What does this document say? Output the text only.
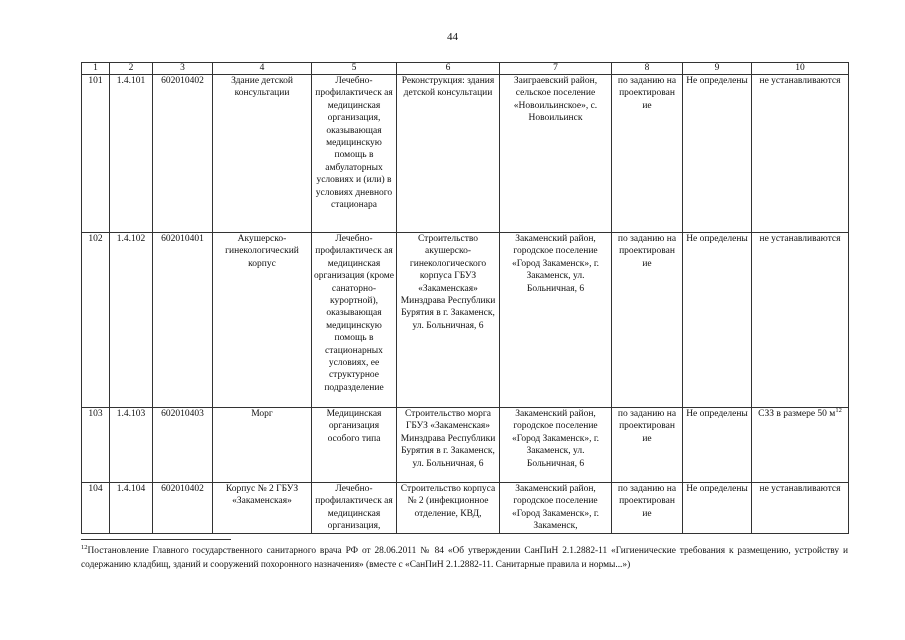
44
1	2	3	4	5	6	7	8	9	10
101	1.4.101	602010402	Здание детской консультации	Лечебно-профилактическ ая медицинская организация, оказывающая медицинскую помощь в амбулаторных условиях и (или) в условиях дневного стационара	Реконструкция: здания детской консультации	Заиграевский район, сельское поселение «Новоильинское», с. Новоильинск	по заданию на проектирован ие	Не определены	не устанавливаются
102	1.4.102	602010401	Акушерско-гинекологический корпус	Лечебно-профилактическ ая медицинская организация (кроме санаторно-курортной), оказывающая медицинскую помощь в стационарных условиях, ее структурное подразделение	Строительство акушерско-гинекологического корпуса ГБУЗ «Закаменская» Минздрава Республики Бурятия в г. Закаменск, ул. Больничная, 6	Закаменский район, городское поселение «Город Закаменск», г. Закаменск, ул. Больничная, 6	по заданию на проектирован ие	Не определены	не устанавливаются
103	1.4.103	602010403	Морг	Медицинская организация особого типа	Строительство морга ГБУЗ «Закаменская» Минздрава Республики Бурятия в г. Закаменск, ул. Больничная, 6	Закаменский район, городское поселение «Город Закаменск», г. Закаменск, ул. Больничная, 6	по заданию на проектирован ие	Не определены	СЗЗ в размере 50 $м^{12}$
104	1.4.104	602010402	Корпус № 2 ГБУЗ «Закаменская»	Лечебно-профилактическ ая медицинская организация,	Строительство корпуса № 2 (инфекционное отделение, КВД,	Закаменский район, городское поселение «Город Закаменск», г. Закаменск,	по заданию на проектирован ие	Не определены	не устанавливаются
$^{12}$Постановление Главного государственного санитарного врача РФ от 28.06.2011 № 84 «Об утверждении СанПиН 2.1.2882-11 «Гигиенические требования к размещению, устройству и содержанию кладбищ, зданий и сооружений похоронного назначения» (вместе с «СанПиН 2.1.2882-11. Санитарные правила и нормы...»)
